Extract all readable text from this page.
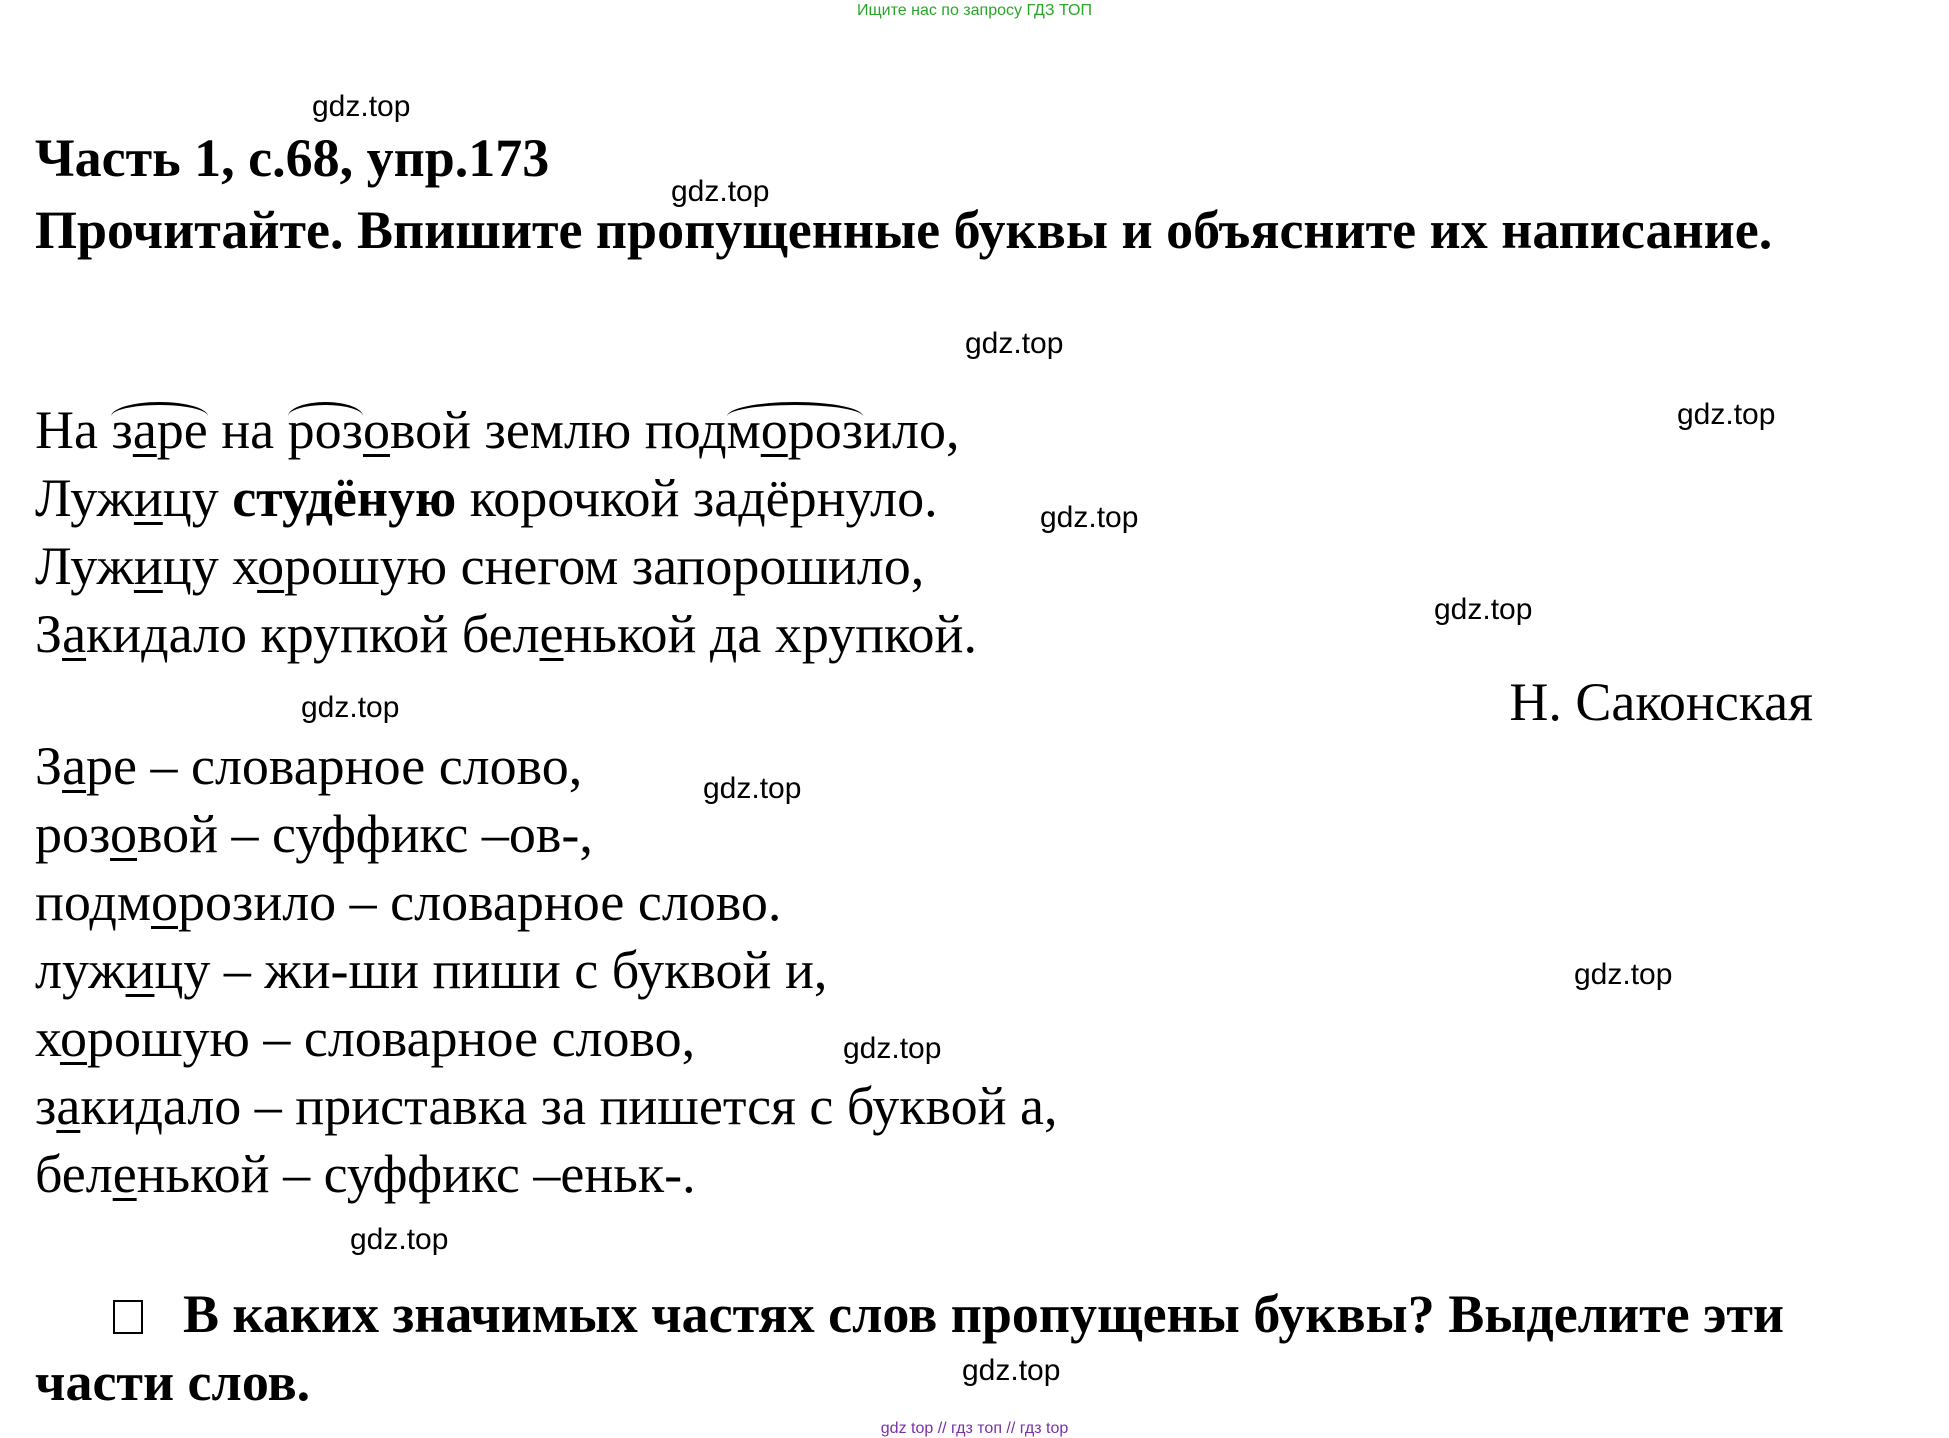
Ищите нас по запросу ГДЗ ТОП
gdz.top
gdz.top
gdz.top
gdz.top
gdz.top
gdz.top
gdz.top
gdz.top
gdz.top
gdz.top
gdz.top
gdz.top
Часть 1, с.68, упр.173
Прочитайте. Впишите пропущенные буквы и объясните их написание.
На заре на розовой землю подморозило,
Лужицу студёную корочкой задёрнуло.
Лужицу хорошую снегом запорошило,
Закидало крупкой беленькой да хрупкой.
Н. Саконская
Заре – словарное слово,
розовой – суффикс –ов-,
подморозило – словарное слово.
лужицу – жи-ши пиши с буквой и,
хорошую – словарное слово,
закидало – приставка за пишется с буквой а,
беленькой – суффикс –еньк-.
В каких значимых частях слов пропущены буквы? Выделите эти части слов.
gdz top // гдз топ // гдз top
